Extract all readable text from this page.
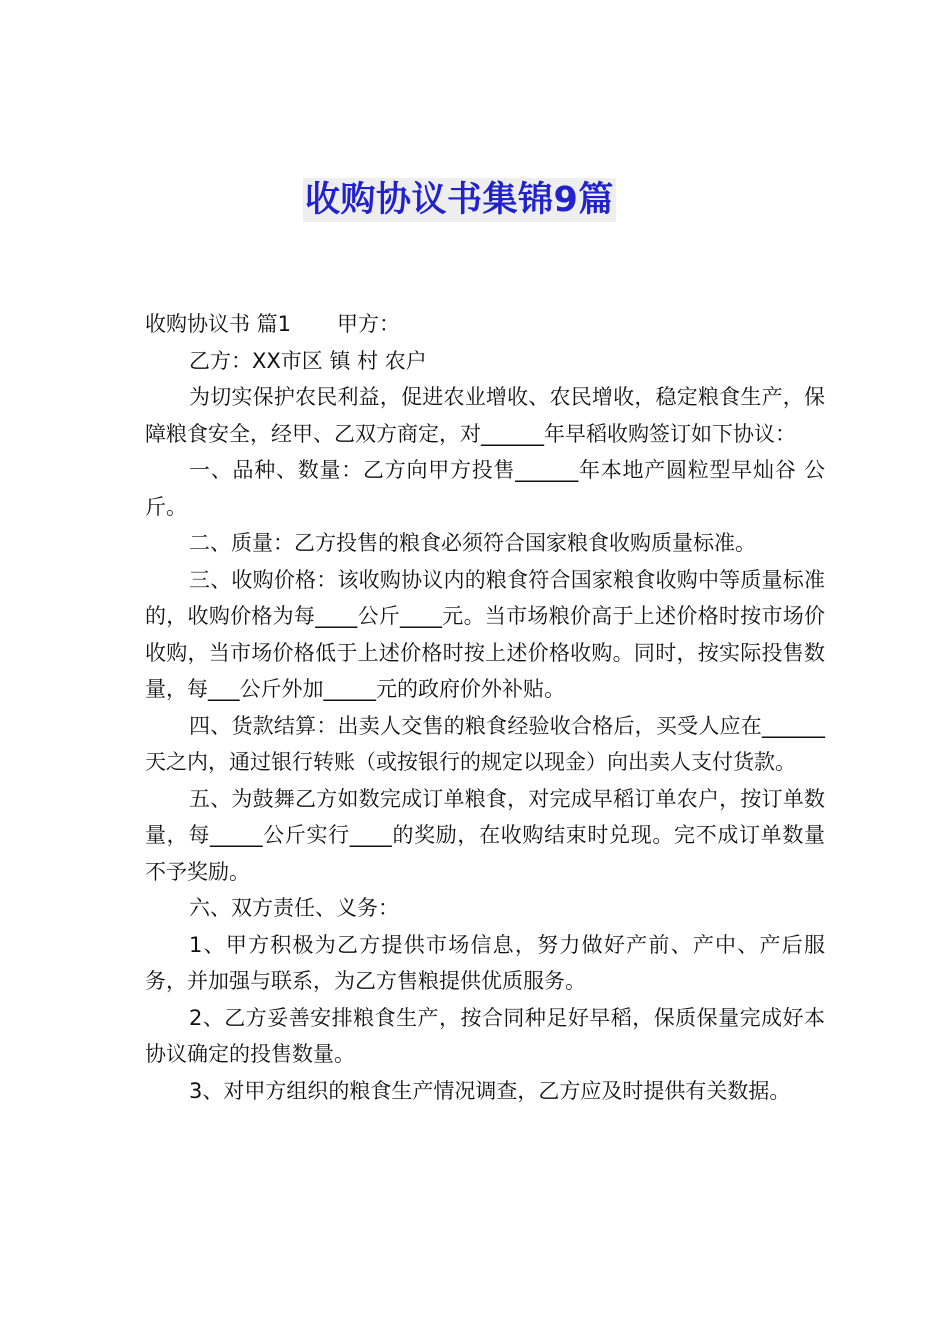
收购协议书集锦9篇
收购协议书 篇1 甲方：

乙方：XX市区 镇 村 农户

为切实保护农民利益，促进农业增收、农民增收，稳定粮食生产，保障粮食安全，经甲、乙双方商定，对______年早稻收购签订如下协议：

一、品种、数量：乙方向甲方投售______年本地产圆粒型早灿谷 公斤。

二、质量：乙方投售的粮食必须符合国家粮食收购质量标准。

三、收购价格：该收购协议内的粮食符合国家粮食收购中等质量标准的，收购价格为每____公斤____元。当市场粮价高于上述价格时按市场价收购，当市场价格低于上述价格时按上述价格收购。同时，按实际投售数量，每___公斤外加_____元的政府价外补贴。

四、货款结算：出卖人交售的粮食经验收合格后，买受人应在______天之内，通过银行转账（或按银行的规定以现金）向出卖人支付货款。

五、为鼓舞乙方如数完成订单粮食，对完成早稻订单农户，按订单数量，每_____公斤实行____的奖励，在收购结束时兑现。完不成订单数量不予奖励。

六、双方责任、义务：

1、甲方积极为乙方提供市场信息，努力做好产前、产中、产后服务，并加强与联系，为乙方售粮提供优质服务。

2、乙方妥善安排粮食生产，按合同种足好早稻，保质保量完成好本协议确定的投售数量。

3、对甲方组织的粮食生产情况调查，乙方应及时提供有关数据。
